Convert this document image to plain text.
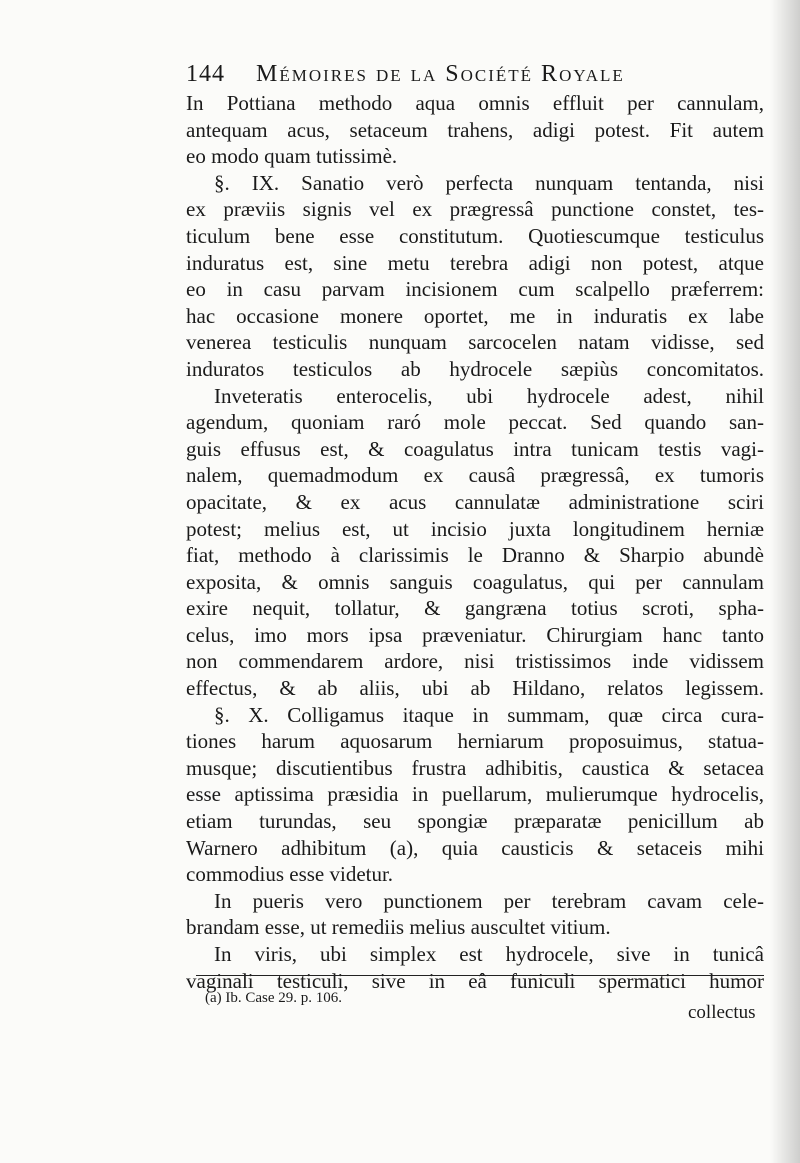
144 Mémoires de la Société Royale
In Pottiana methodo aqua omnis effluit per cannulam,
antequam acus, setaceum trahens, adigi potest. Fit autem
eo modo quam tutissimè.
§. IX. Sanatio verò perfecta nunquam tentanda, nisi
ex præviis signis vel ex prægressâ punctione constet, tes-
ticulum bene esse constitutum. Quotiescumque testiculus
induratus est, sine metu terebra adigi non potest, atque
eo in casu parvam incisionem cum scalpello præferrem:
hac occasione monere oportet, me in induratis ex labe
venerea testiculis nunquam sarcocelen natam vidisse, sed
induratos testiculos ab hydrocele sæpiùs concomitatos.
Inveteratis enterocelis, ubi hydrocele adest, nihil
agendum, quoniam raró mole peccat. Sed quando san-
guis effusus est, & coagulatus intra tunicam testis vagi-
nalem, quemadmodum ex causâ prægressâ, ex tumoris
opacitate, & ex acus cannulatæ administratione sciri
potest; melius est, ut incisio juxta longitudinem herniæ
fiat, methodo à clarissimis le Dranno & Sharpio abundè
exposita, & omnis sanguis coagulatus, qui per cannulam
exire nequit, tollatur, & gangræna totius scroti, spha-
celus, imo mors ipsa præveniatur. Chirurgiam hanc tanto
non commendarem ardore, nisi tristissimos inde vidissem
effectus, & ab aliis, ubi ab Hildano, relatos legissem.
§. X. Colligamus itaque in summam, quæ circa cura-
tiones harum aquosarum herniarum proposuimus, statua-
musque; discutientibus frustra adhibitis, caustica & setacea
esse aptissima præsidia in puellarum, mulierumque hydrocelis,
etiam turundas, seu spongiæ præparatæ penicillum ab
Warnero adhibitum (a), quia causticis & setaceis mihi
commodius esse videtur.
In pueris vero punctionem per terebram cavam cele-
brandam esse, ut remediis melius auscultet vitium.
In viris, ubi simplex est hydrocele, sive in tunicâ
vaginali testiculi, sive in eâ funiculi spermatici humor
(a) Ib. Case 29. p. 106.
collectus
